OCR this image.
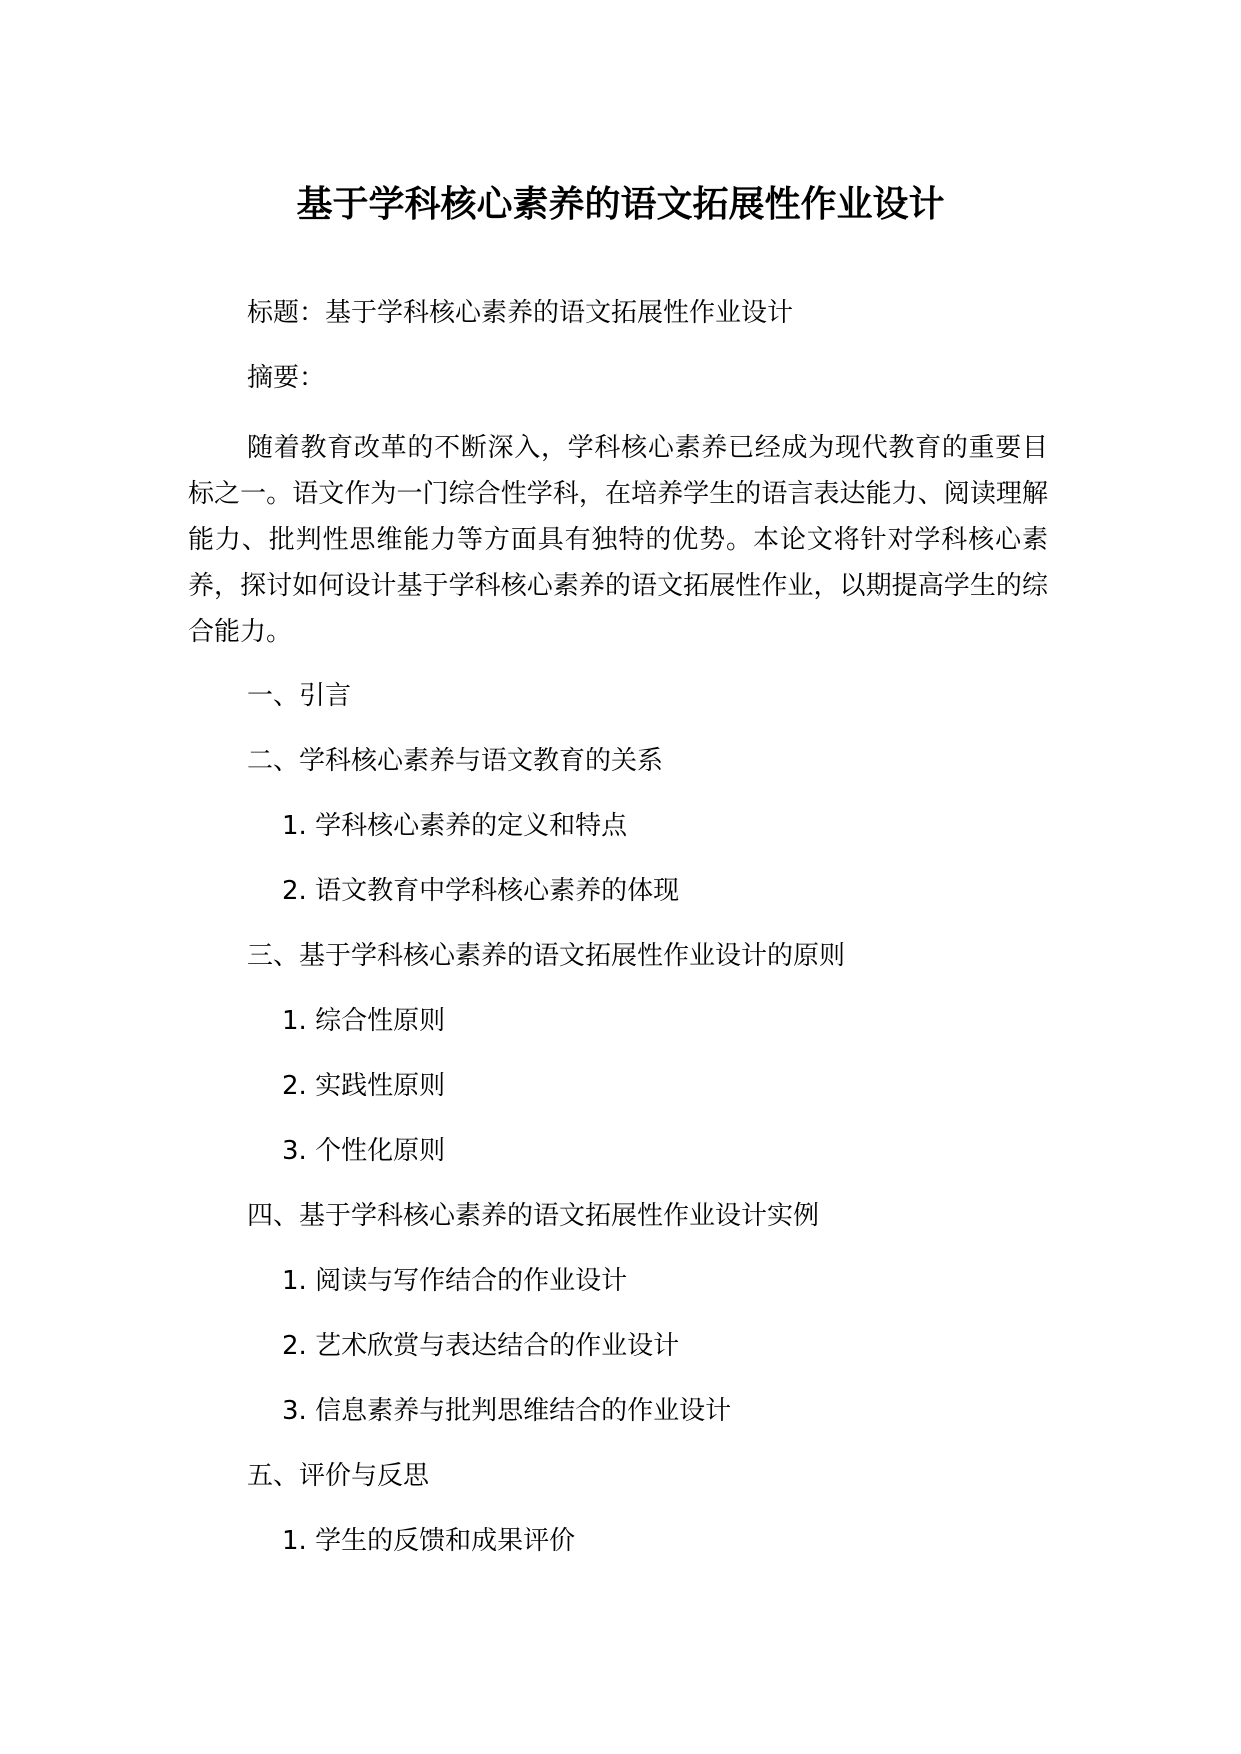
基于学科核心素养的语文拓展性作业设计
标题：基于学科核心素养的语文拓展性作业设计
摘要：
随着教育改革的不断深入，学科核心素养已经成为现代教育的重要目标之一。语文作为一门综合性学科，在培养学生的语言表达能力、阅读理解能力、批判性思维能力等方面具有独特的优势。本论文将针对学科核心素养，探讨如何设计基于学科核心素养的语文拓展性作业，以期提高学生的综合能力。
一、引言
二、学科核心素养与语文教育的关系
1. 学科核心素养的定义和特点
2. 语文教育中学科核心素养的体现
三、基于学科核心素养的语文拓展性作业设计的原则
1. 综合性原则
2. 实践性原则
3. 个性化原则
四、基于学科核心素养的语文拓展性作业设计实例
1. 阅读与写作结合的作业设计
2. 艺术欣赏与表达结合的作业设计
3. 信息素养与批判思维结合的作业设计
五、评价与反思
1. 学生的反馈和成果评价
